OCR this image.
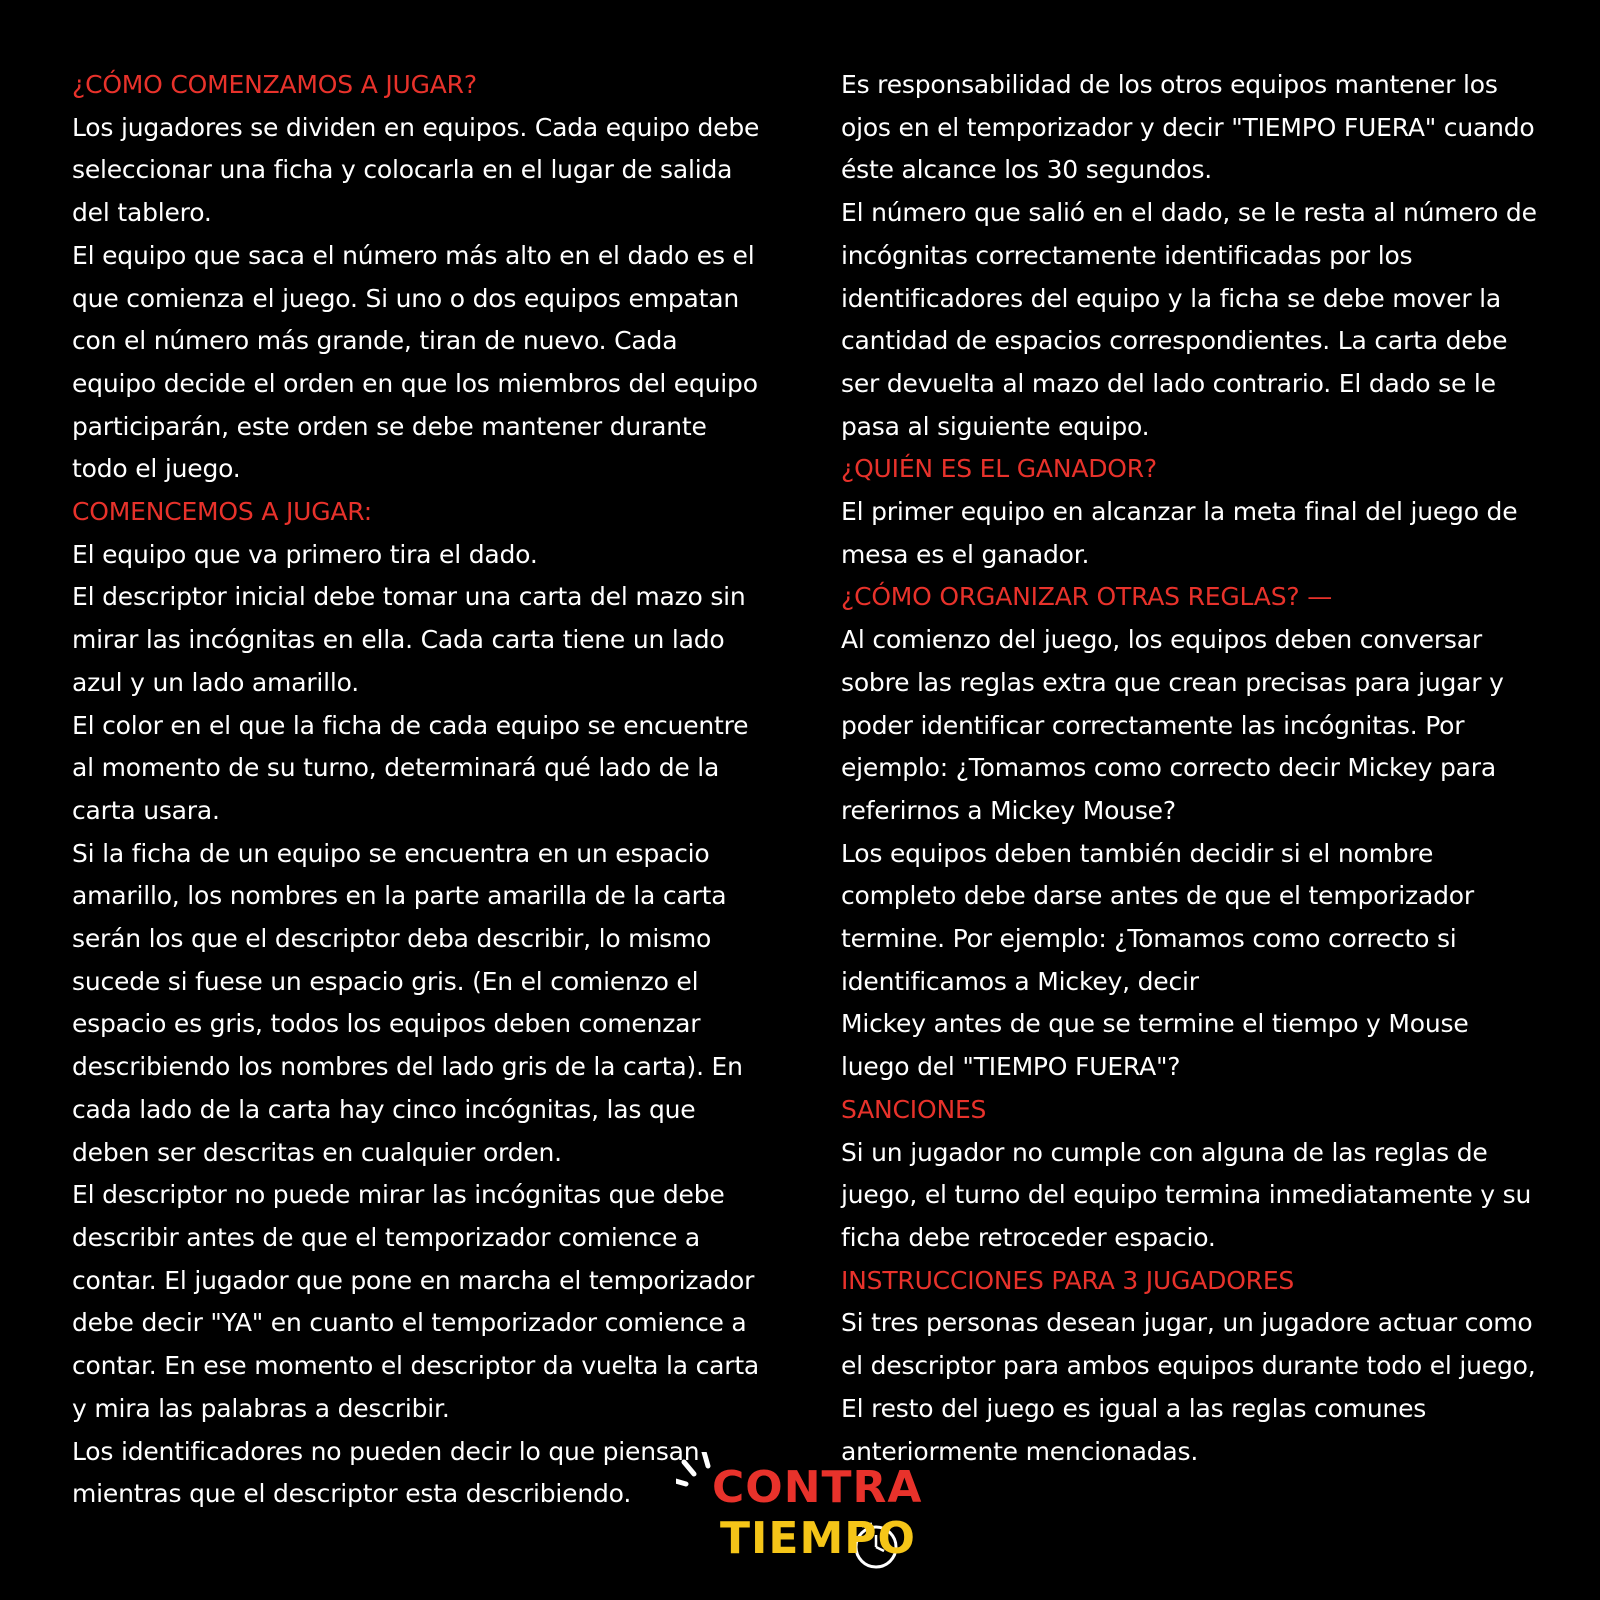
¿CÓMO COMENZAMOS A JUGAR?

Los jugadores se dividen en equipos. Cada equipo debe seleccionar una ficha y colocarla en el lugar de salida del tablero.

El equipo que saca el número más alto en el dado es el que comienza el juego. Si uno o dos equipos empatan con el número más grande, tiran de nuevo. Cada equipo decide el orden en que los miembros del equipo participarán, este orden se debe mantener durante todo el juego.

COMENCEMOS A JUGAR:

El equipo que va primero tira el dado.

El descriptor inicial debe tomar una carta del mazo sin mirar las incógnitas en ella. Cada carta tiene un lado azul y un lado amarillo.

El color en el que la ficha de cada equipo se encuentre al momento de su turno, determinará qué lado de la carta usara.

Si la ficha de un equipo se encuentra en un espacio amarillo, los nombres en la parte amarilla de la carta serán los que el descriptor deba describir, lo mismo sucede si fuese un espacio gris. (En el comienzo el espacio es gris, todos los equipos deben comenzar describiendo los nombres del lado gris de la carta). En cada lado de la carta hay cinco incógnitas, las que deben ser descritas en cualquier orden.

El descriptor no puede mirar las incógnitas que debe describir antes de que el temporizador comience a contar. El jugador que pone en marcha el temporizador debe decir "YA" en cuanto el temporizador comience a contar. En ese momento el descriptor da vuelta la carta y mira las palabras a describir.

Los identificadores no pueden decir lo que piensan mientras que el descriptor esta describiendo.

Es responsabilidad de los otros equipos mantener los ojos en el temporizador y decir "TIEMPO FUERA" cuando éste alcance los 30 segundos.

El número que salió en el dado, se le resta al número de incógnitas correctamente identificadas por los identificadores del equipo y la ficha se debe mover la cantidad de espacios correspondientes. La carta debe ser devuelta al mazo del lado contrario. El dado se le pasa al siguiente equipo.

¿QUIÉN ES EL GANADOR?

El primer equipo en alcanzar la meta final del juego de mesa es el ganador.

¿CÓMO ORGANIZAR OTRAS REGLAS? —

Al comienzo del juego, los equipos deben conversar sobre las reglas extra que crean precisas para jugar y poder identificar correctamente las incógnitas. Por ejemplo: ¿Tomamos como correcto decir Mickey para referirnos a Mickey Mouse?

Los equipos deben también decidir si el nombre completo debe darse antes de que el temporizador termine. Por ejemplo: ¿Tomamos como correcto si identificamos a Mickey, decir

Mickey antes de que se termine el tiempo y Mouse luego del "TIEMPO FUERA"?

SANCIONES

Si un jugador no cumple con alguna de las reglas de juego, el turno del equipo termina inmediatamente y su ficha debe retroceder espacio.

INSTRUCCIONES PARA 3 JUGADORES

Si tres personas desean jugar, un jugadore actuar como el descriptor para ambos equipos durante todo el juego,

El resto del juego es igual a las reglas comunes anteriormente mencionadas.

CONTRA
TIEMPO
